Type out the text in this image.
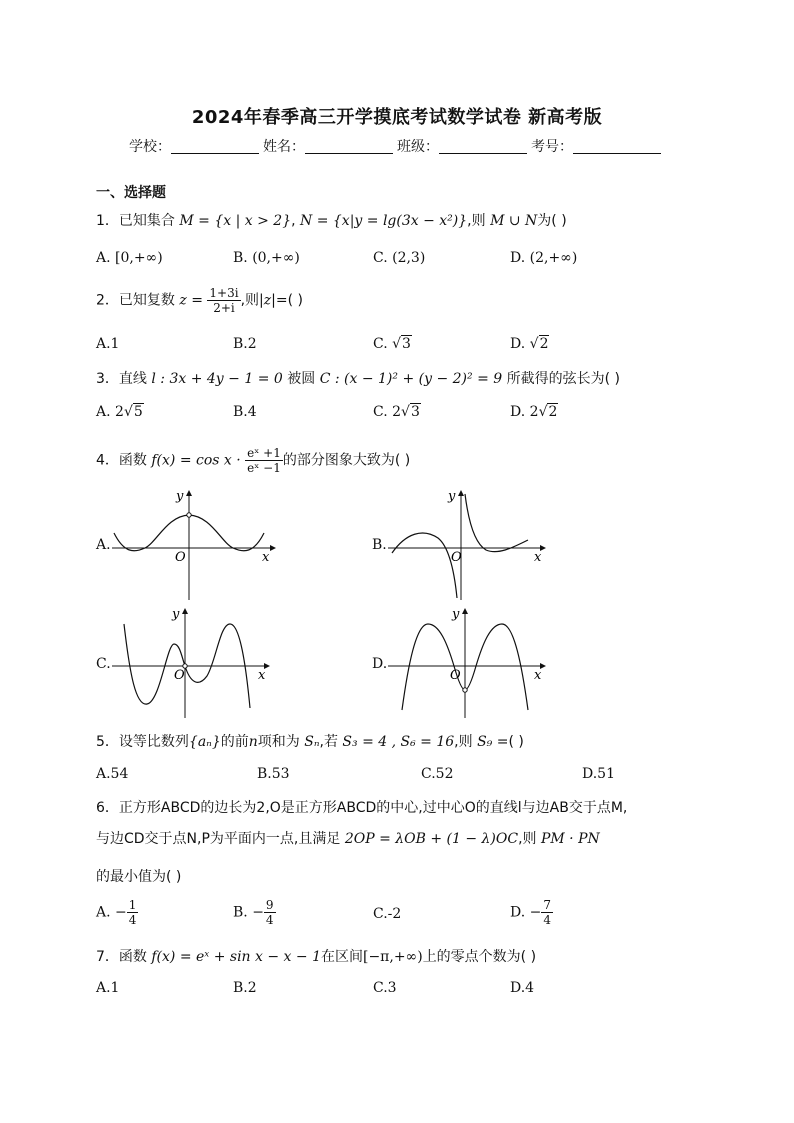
2024年春季高三开学摸底考试数学试卷 新高考版
学校：	姓名：	班级：	考号：
一、选择题
1．已知集合 M = {x | x > 2}, N = {x|y = lg(3x − x²)},则 M ∪ N为( )
A. [0,+∞)	B. (0,+∞)	C. (2,3)	D. (2,+∞)
2．已知复数 $z = \frac{1+3i}{2+i}$ ,则|z|=( )
A.1	B.2	C. √3	D. √2
3．直线 l : 3x + 4y − 1 = 0 被圆 C : (x − 1)² + (y − 2)² = 9 所截得的弦长为( )
A. 2√5	B.4	C. 2√3	D. 2√2
4．函数 $f(x) = \cos x \cdot \frac{\text{eˣ +1}}{\text{eˣ −1}}$ 的部分图象大致为( )
A.
O	x
y
B.
O	x
y
C.
O	x
y
D.
O	x
y
5．设等比数列{aₙ}的前n项和为 Sₙ,若 S₃ = 4 , S₆ = 16,则 S₉ =( )
A.54	B.53	C.52	D.51
6．正方形ABCD的边长为2,O是正方形ABCD的中心,过中心O的直线l与边AB交于点M,
与边CD交于点N,P为平面内一点,且满足 2OP = λOB + (1 − λ)OC,则 PM · PN
的最小值为( )
A. − $\frac{1}{4}$	B. − $\frac{9}{4}$	C.-2	D. − $\frac{7}{4}$
7．函数 f(x) = eˣ + sin x − x − 1在区间[−π,+∞)上的零点个数为( )
A.1	B.2	C.3	D.4
